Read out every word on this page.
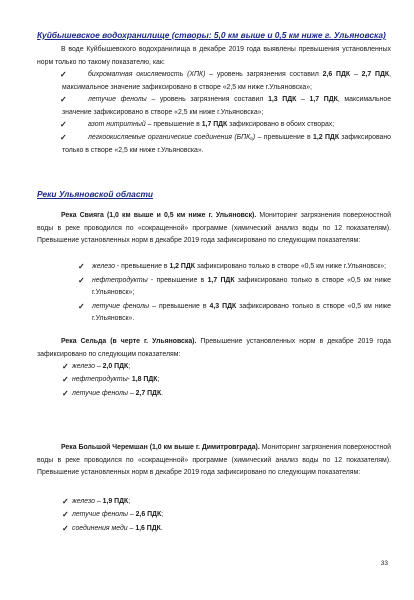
Куйбышевское водохранилище (створы: 5,0 км выше и 0,5 км ниже г. Ульяновска)
В воде Куйбышевского водохранилища в декабре 2019 года выявлены превышения установленных норм только по такому показателю, как:
✓	бихроматная окисляемость (ХПК) – уровень загрязнения составил 2,6 ПДК – 2,7 ПДК, максимальное значение зафиксировано в створе «2,5 км ниже г.Ульяновска»;
✓	летучие фенолы – уровень загрязнения составил 1,3 ПДК – 1,7 ПДК, максимальное значение зафиксировано в створе «2,5 км ниже г.Ульяновска»;
✓	азот нитритный – превышение в 1,7 ПДК зафиксировано в обоих створах;
✓	легкоокисляемые органические соединения (БПК₅) – превышение в 1,2 ПДК зафиксировано только в створе «2,5 км ниже г.Ульяновска».
Реки Ульяновской области
Река Свияга (1,0 км выше и 0,5 км ниже г. Ульяновск). Мониторинг загрязнения поверхностной воды в реке проводился по «сокращенной» программе (химический анализ воды по 12 показателям). Превышение установленных норм в декабре 2019 года зафиксировано по следующим показателям:
✓ железо - превышение в 1,2 ПДК зафиксировано только в створе «0,5 км ниже г.Ульяновск»;
✓ нефтепродукты - превышение в 1,7 ПДК зафиксировано только в створе «0,5 км ниже г.Ульяновск»;
✓ летучие фенолы – превышение в 4,3 ПДК зафиксировано только в створе «0,5 км ниже г.Ульяновск».
Река Сельда (в черте г. Ульяновска). Превышение установленных норм в декабре 2019 года зафиксировано по следующим показателям:
✓ железо – 2,0 ПДК;
✓ нефтепродукты- 1,8 ПДК;
✓ летучие фенолы – 2,7 ПДК.
Река Большой Черемшан (1,0 км выше г. Димитровграда). Мониторинг загрязнения поверхностной воды в реке проводился по «сокращенной» программе (химический анализ воды по 12 показателям). Превышение установленных норм в декабре 2019 года зафиксировано по следующим показателям:
✓ железо – 1,9 ПДК;
✓ летучие фенолы – 2,6 ПДК;
✓ соединения меди – 1,6 ПДК.
33
